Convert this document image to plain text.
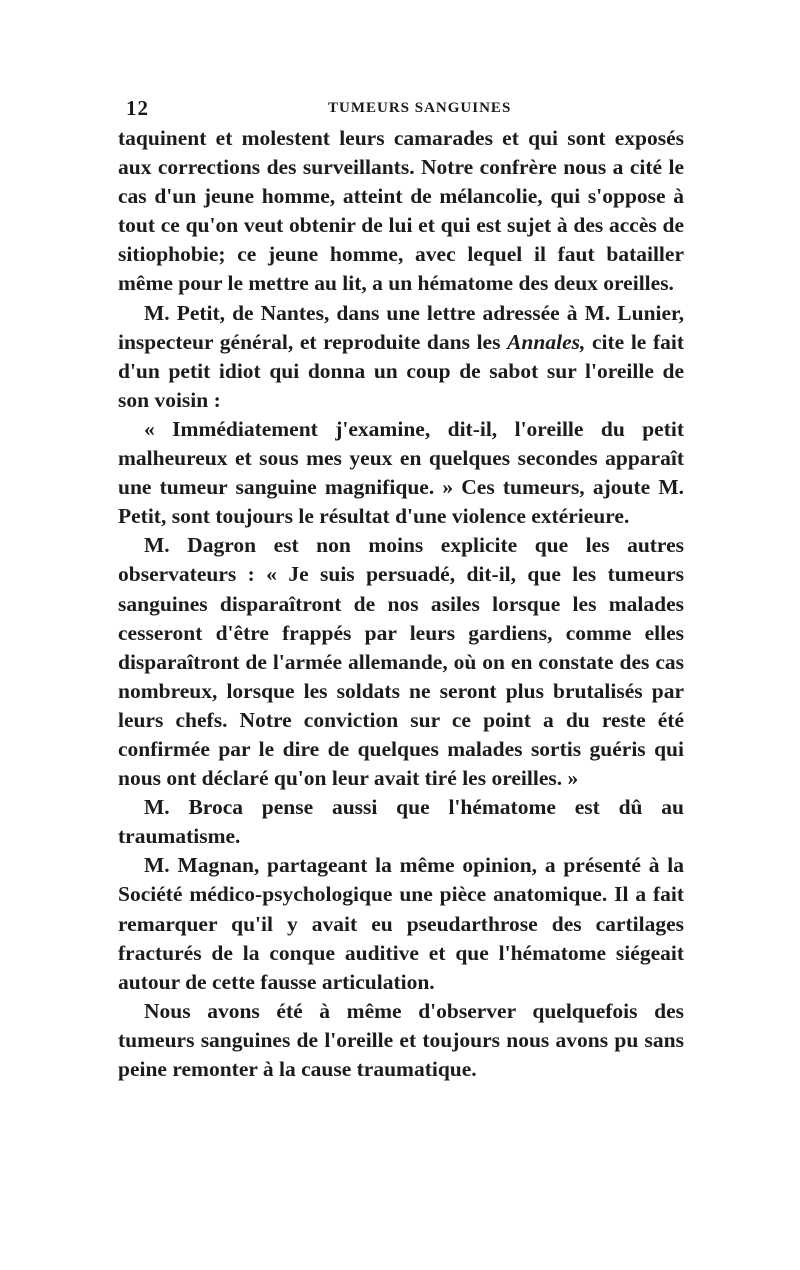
12	TUMEURS SANGUINES

taquinent et molestent leurs camarades et qui sont exposés aux corrections des surveillants. Notre confrère nous a cité le cas d'un jeune homme, atteint de mélancolie, qui s'oppose à tout ce qu'on veut obtenir de lui et qui est sujet à des accès de sitiophobie; ce jeune homme, avec lequel il faut batailler même pour le mettre au lit, a un hématome des deux oreilles.

M. Petit, de Nantes, dans une lettre adressée à M. Lunier, inspecteur général, et reproduite dans les Annales, cite le fait d'un petit idiot qui donna un coup de sabot sur l'oreille de son voisin :

« Immédiatement j'examine, dit-il, l'oreille du petit malheureux et sous mes yeux en quelques secondes apparaît une tumeur sanguine magnifique. » Ces tumeurs, ajoute M. Petit, sont toujours le résultat d'une violence extérieure.

M. Dagron est non moins explicite que les autres observateurs : « Je suis persuadé, dit-il, que les tumeurs sanguines disparaîtront de nos asiles lorsque les malades cesseront d'être frappés par leurs gardiens, comme elles disparaîtront de l'armée allemande, où on en constate des cas nombreux, lorsque les soldats ne seront plus brutalisés par leurs chefs. Notre conviction sur ce point a du reste été confirmée par le dire de quelques malades sortis guéris qui nous ont déclaré qu'on leur avait tiré les oreilles. »

M. Broca pense aussi que l'hématome est dû au traumatisme.

M. Magnan, partageant la même opinion, a présenté à la Société médico-psychologique une pièce anatomique. Il a fait remarquer qu'il y avait eu pseudarthrose des cartilages fracturés de la conque auditive et que l'hématome siégeait autour de cette fausse articulation.

Nous avons été à même d'observer quelquefois des tumeurs sanguines de l'oreille et toujours nous avons pu sans peine remonter à la cause traumatique.
